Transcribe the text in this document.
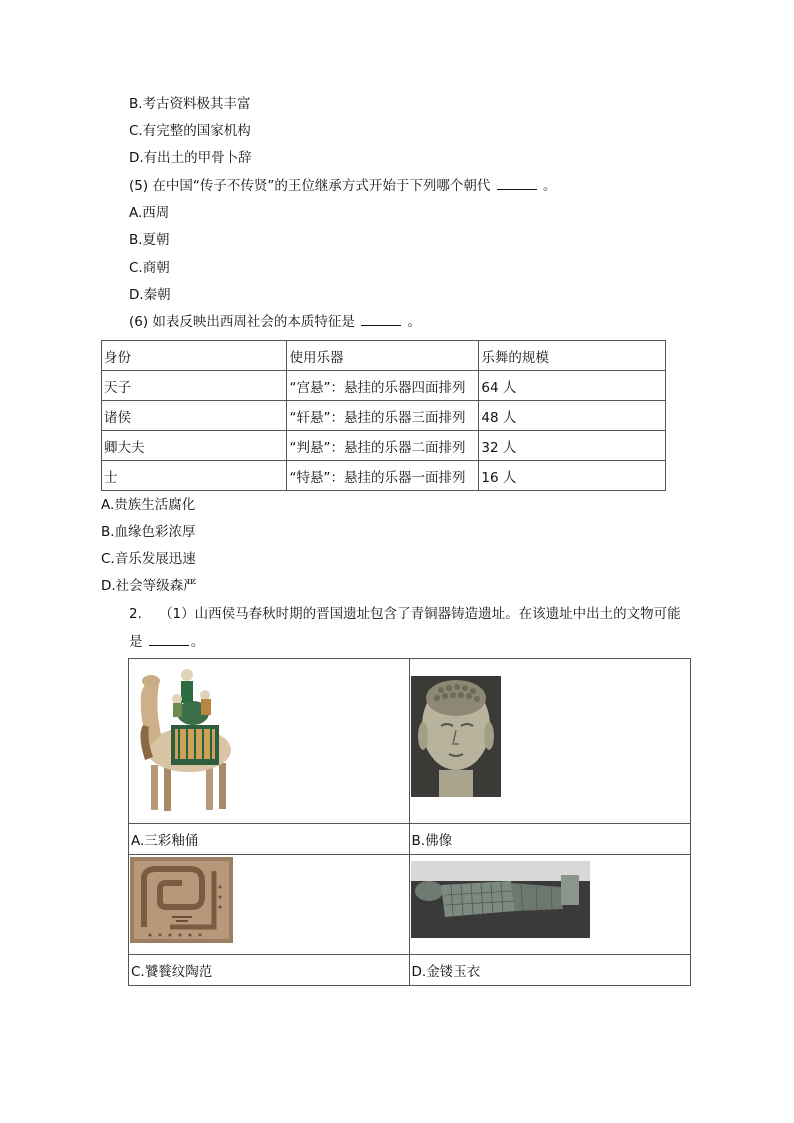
B.考古资料极其丰富
C.有完整的国家机构
D.有出土的甲骨卜辞
(5) 在中国“传子不传贤”的王位继承方式开始于下列哪个朝代	。
A.西周
B.夏朝
C.商朝
D.秦朝
(6) 如表反映出西周社会的本质特征是	。
身份	使用乐器	乐舞的规模
天子	“宫悬”：悬挂的乐器四面排列	64 人
诸侯	“轩悬”：悬挂的乐器三面排列	48 人
卿大夫	“判悬”：悬挂的乐器二面排列	32 人
士	“特悬”：悬挂的乐器一面排列	16 人
A.贵族生活腐化
B.血缘色彩浓厚
C.音乐发展迅速
D.社会等级森严
2. （1）山西侯马春秋时期的晋国遗址包含了青铜器铸造遗址。在该遗址中出土的文物可能
是	。

A.三彩釉俑	B.佛像

C.饕餮纹陶范	D.金镂玉衣
